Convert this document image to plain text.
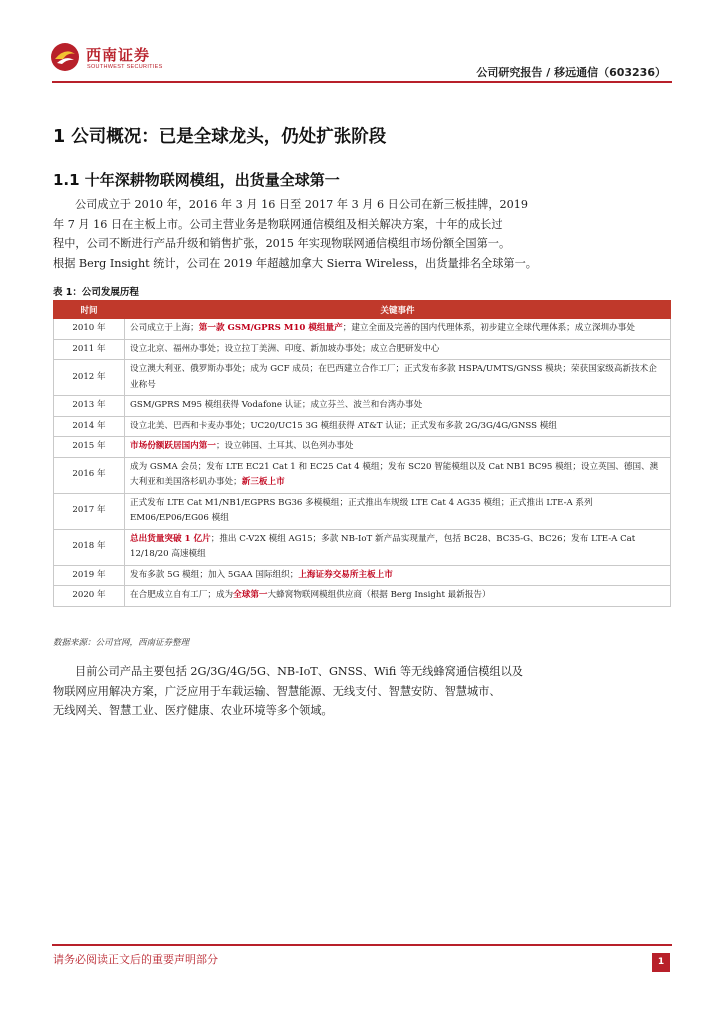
西南证券
SOUTHWEST SECURITIES	公司研究报告 / 移远通信（603236）
1 公司概况：已是全球龙头，仍处扩张阶段
1.1 十年深耕物联网模组，出货量全球第一
公司成立于 2010 年，2016 年 3 月 16 日至 2017 年 3 月 6 日公司在新三板挂牌，2019
年 7 月 16 日在主板上市。公司主营业务是物联网通信模组及相关解决方案，十年的成长过
程中，公司不断进行产品升级和销售扩张，2015 年实现物联网通信模组市场份额全国第一。
根据 Berg Insight 统计，公司在 2019 年超越加拿大 Sierra Wireless，出货量排名全球第一。
表 1：公司发展历程
时间	关键事件
2010 年	公司成立于上海；第一款 GSM/GPRS M10 模组量产；建立全面及完善的国内代理体系，初步建立全球代理体系；成立深圳办事处
2011 年	设立北京、福州办事处；设立拉丁美洲、印度、新加坡办事处；成立合肥研发中心
2012 年	设立澳大利亚、俄罗斯办事处；成为 GCF 成员；在巴西建立合作工厂；正式发布多款 HSPA/UMTS/GNSS 模块；荣获国家级高新技术企业称号
2013 年	GSM/GPRS M95 模组获得 Vodafone 认证；成立芬兰、波兰和台湾办事处
2014 年	设立北美、巴西和卡麦办事处；UC20/UC15 3G 模组获得 AT&T 认证；正式发布多款 2G/3G/4G/GNSS 模组
2015 年	市场份额跃居国内第一；设立韩国、土耳其、以色列办事处
2016 年	成为 GSMA 会员；发布 LTE EC21 Cat 1 和 EC25 Cat 4 模组；发布 SC20 智能模组以及 Cat NB1 BC95 模组；设立英国、德国、澳大利亚和美国洛杉矶办事处；新三板上市
2017 年	正式发布 LTE Cat M1/NB1/EGPRS BG36 多模模组；正式推出车规级 LTE Cat 4 AG35 模组；正式推出 LTE-A 系列 EM06/EP06/EG06 模组
2018 年	总出货量突破 1 亿片；推出 C-V2X 模组 AG15；多款 NB-IoT 新产品实现量产，包括 BC28、BC35-G、BC26；发布 LTE-A Cat 12/18/20 高速模组
2019 年	发布多款 5G 模组；加入 5GAA 国际组织；上海证券交易所主板上市
2020 年	在合肥成立自有工厂；成为全球第一大蜂窝物联网模组供应商（根据 Berg Insight 最新报告）
数据来源：公司官网，西南证券整理
目前公司产品主要包括 2G/3G/4G/5G、NB-IoT、GNSS、Wifi 等无线蜂窝通信模组以及
物联网应用解决方案，广泛应用于车载运输、智慧能源、无线支付、智慧安防、智慧城市、
无线网关、智慧工业、医疗健康、农业环境等多个领域。
请务必阅读正文后的重要声明部分	1
